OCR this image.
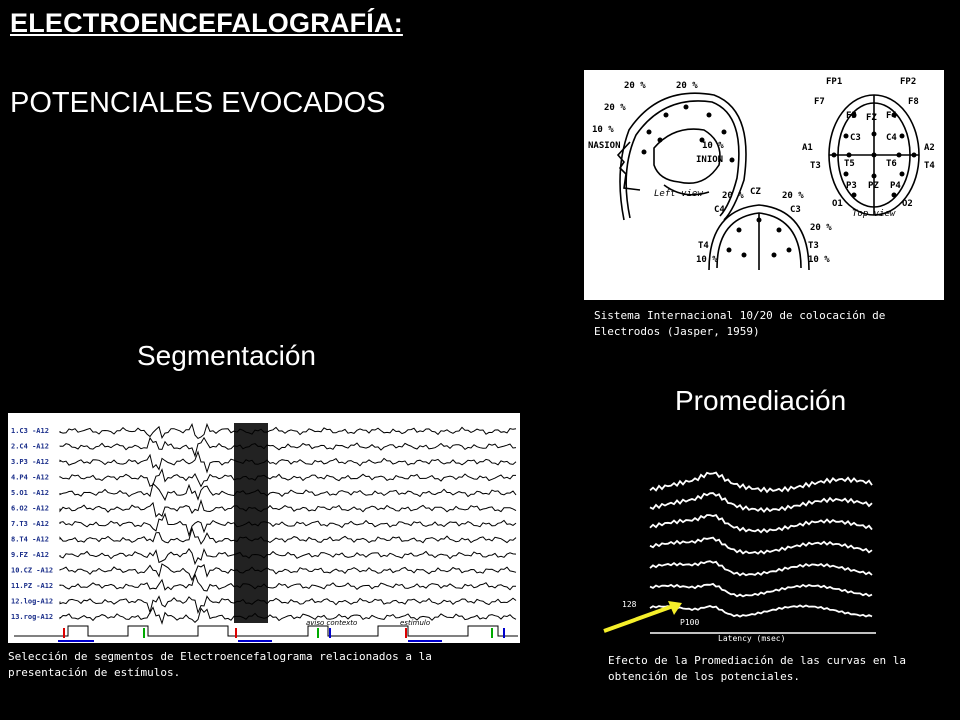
ELECTROENCEFALOGRAFÍA:
POTENCIALES EVOCADOS
20 %	20 %
20 %
10 %
NASION	10 %
INION
FP1	FP2
F7	F8
F3 FZ F4
C3	C4
A1	A2
T5	T6
T3	T4
P3 PZ P4
O1	O2
20 % CZ 20 %
C4	C3
20 %
T4	T3
10 %	10 %
Left view
Top view
Sistema Internacional 10/20 de colocación de Electrodos (Jasper, 1959)
Segmentación
1.C3 -A12
2.C4 -A12
3.P3 -A12
4.P4 -A12
5.O1 -A12
6.O2 -A12
7.T3 -A12
8.T4 -A12
9.FZ -A12
10.CZ -A12
11.PZ -A12
12.log-A12
13.rog-A12
aviso contexto	estímulo
Selección de segmentos de Electroencefalograma relacionados a la presentación de estímulos.
Promediación
128
P100
Latency (msec)
Efecto de la Promediación de las curvas en la obtención de los potenciales.
